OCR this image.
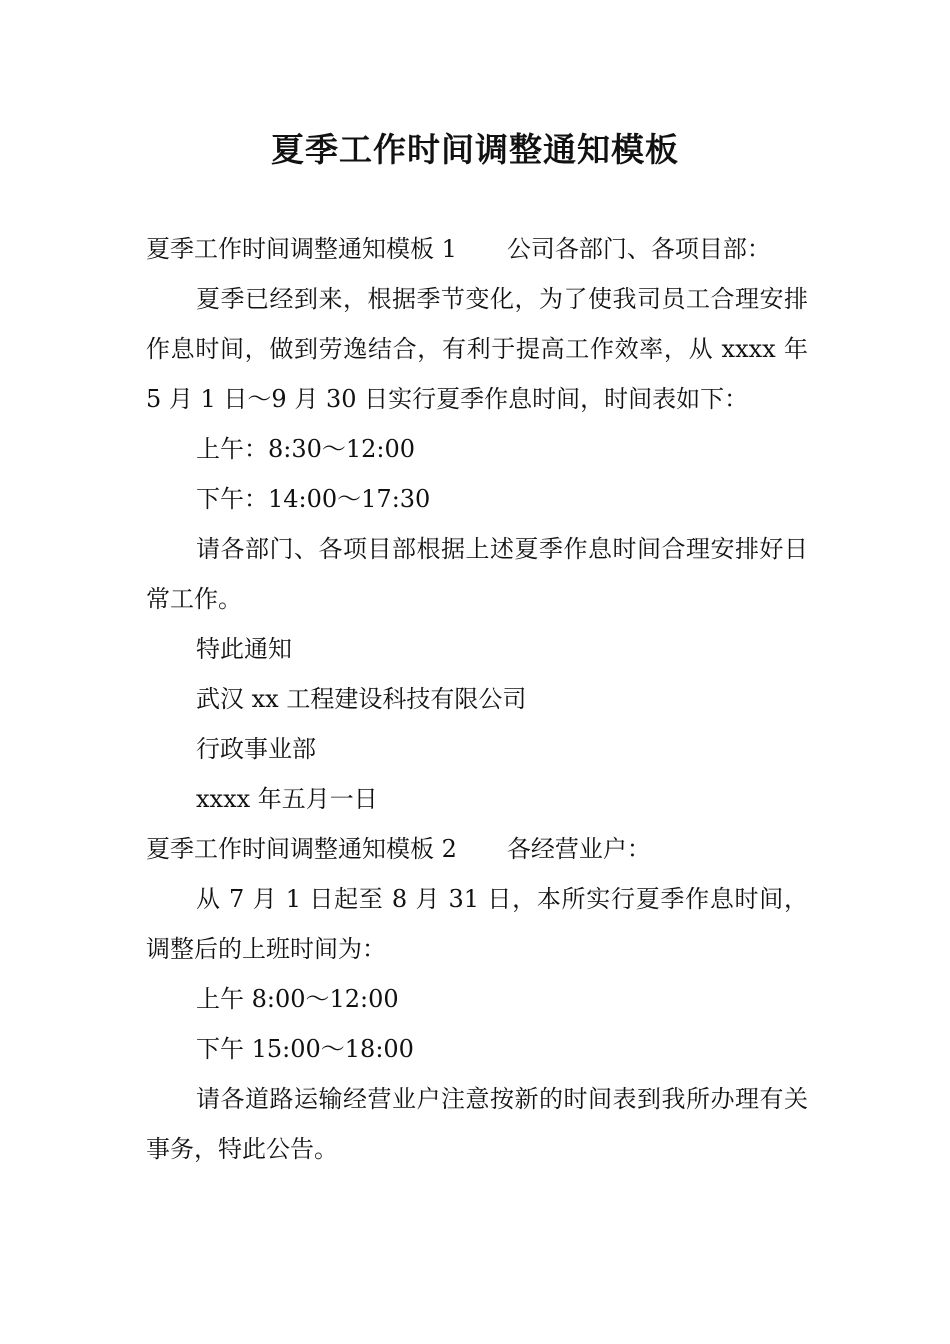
夏季工作时间调整通知模板
夏季工作时间调整通知模板 1 公司各部门、各项目部：

夏季已经到来，根据季节变化，为了使我司员工合理安排作息时间，做到劳逸结合，有利于提高工作效率，从 xxxx 年 5 月 1 日～9 月 30 日实行夏季作息时间，时间表如下：

上午：8:30～12:00

下午：14:00～17:30

请各部门、各项目部根据上述夏季作息时间合理安排好日常工作。

特此通知

武汉 xx 工程建设科技有限公司

行政事业部

xxxx 年五月一日

夏季工作时间调整通知模板 2 各经营业户：

从 7 月 1 日起至 8 月 31 日，本所实行夏季作息时间，调整后的上班时间为：

上午 8:00～12:00

下午 15:00～18:00

请各道路运输经营业户注意按新的时间表到我所办理有关事务，特此公告。
